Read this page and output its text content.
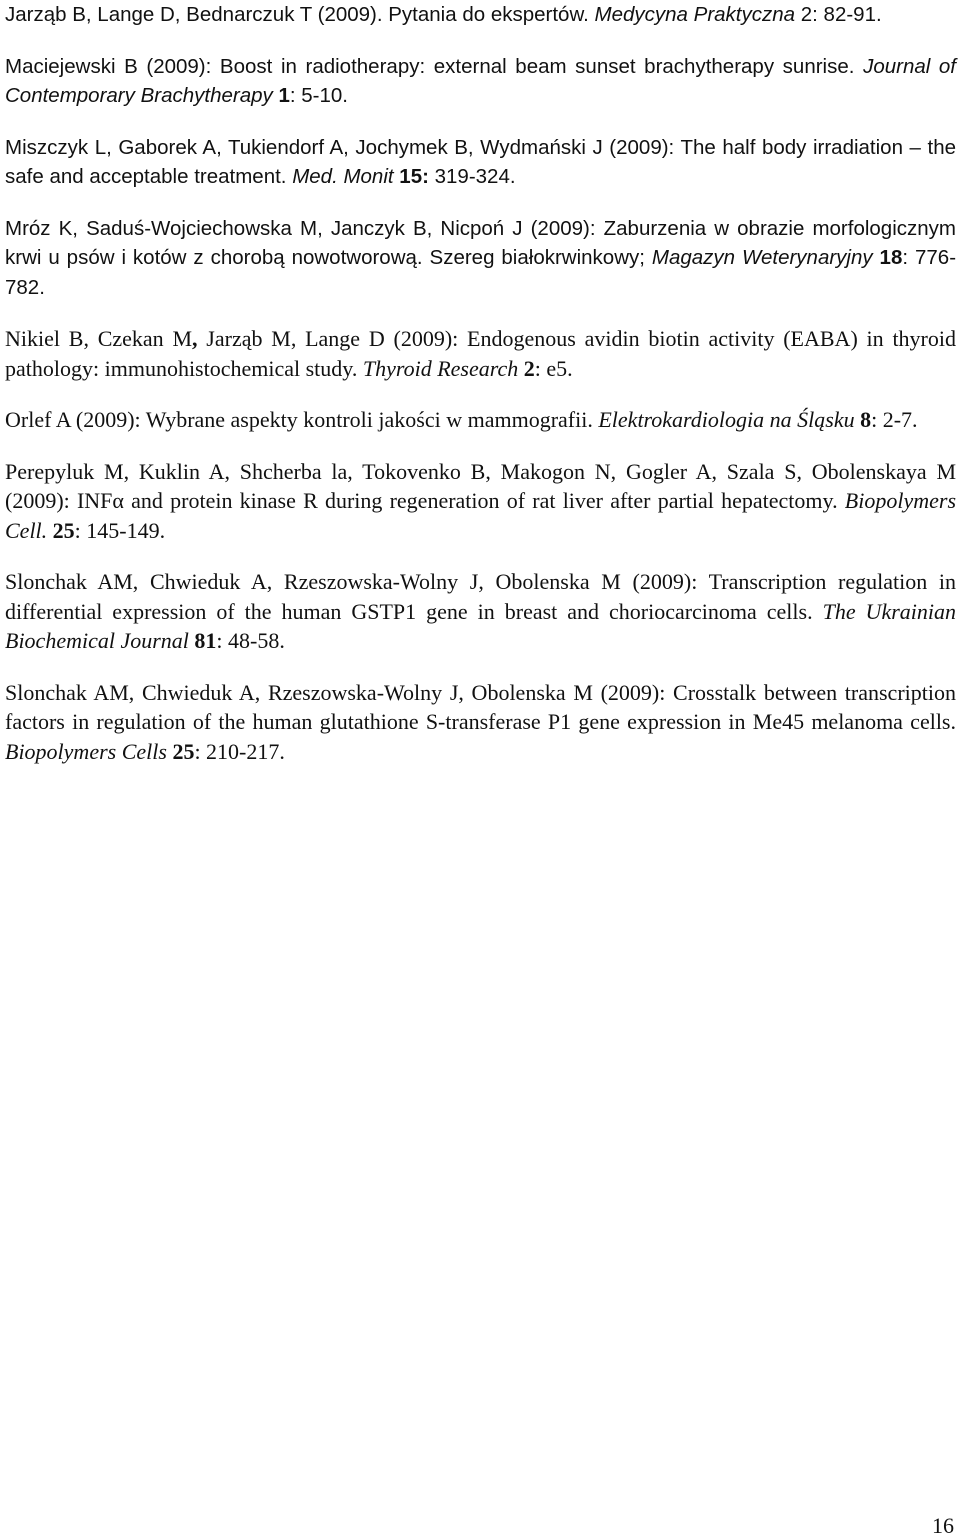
Jarząb B, Lange D, Bednarczuk T (2009). Pytania do ekspertów. Medycyna Praktyczna 2: 82-91.

Maciejewski B (2009): Boost in radiotherapy: external beam sunset brachytherapy sunrise. Journal of Contemporary Brachytherapy 1: 5-10.

Miszczyk L, Gaborek A, Tukiendorf A, Jochymek B, Wydmański J (2009): The half body irradiation – the safe and acceptable treatment. Med. Monit 15: 319-324.

Mróz K, Saduś-Wojciechowska M, Janczyk B, Nicpoń J (2009): Zaburzenia w obrazie morfologicznym krwi u psów i kotów z chorobą nowotworową. Szereg białokrwinkowy; Magazyn Weterynaryjny 18: 776-782.

Nikiel B, Czekan M, Jarząb M, Lange D (2009): Endogenous avidin biotin activity (EABA) in thyroid pathology: immunohistochemical study. Thyroid Research 2: e5.

Orlef A (2009): Wybrane aspekty kontroli jakości w mammografii. Elektrokardiologia na Śląsku 8: 2-7.

Perepyluk M, Kuklin A, Shcherba la, Tokovenko B, Makogon N, Gogler A, Szala S, Obolenskaya M (2009): INFα and protein kinase R during regeneration of rat liver after partial hepatectomy. Biopolymers Cell. 25: 145-149.

Slonchak AM, Chwieduk A, Rzeszowska-Wolny J, Obolenska M (2009): Transcription regulation in differential expression of the human GSTP1 gene in breast and choriocarcinoma cells. The Ukrainian Biochemical Journal 81: 48-58.

Slonchak AM, Chwieduk A, Rzeszowska-Wolny J, Obolenska M (2009): Crosstalk between transcription factors in regulation of the human glutathione S-transferase P1 gene expression in Me45 melanoma cells. Biopolymers Cells 25: 210-217.

16
